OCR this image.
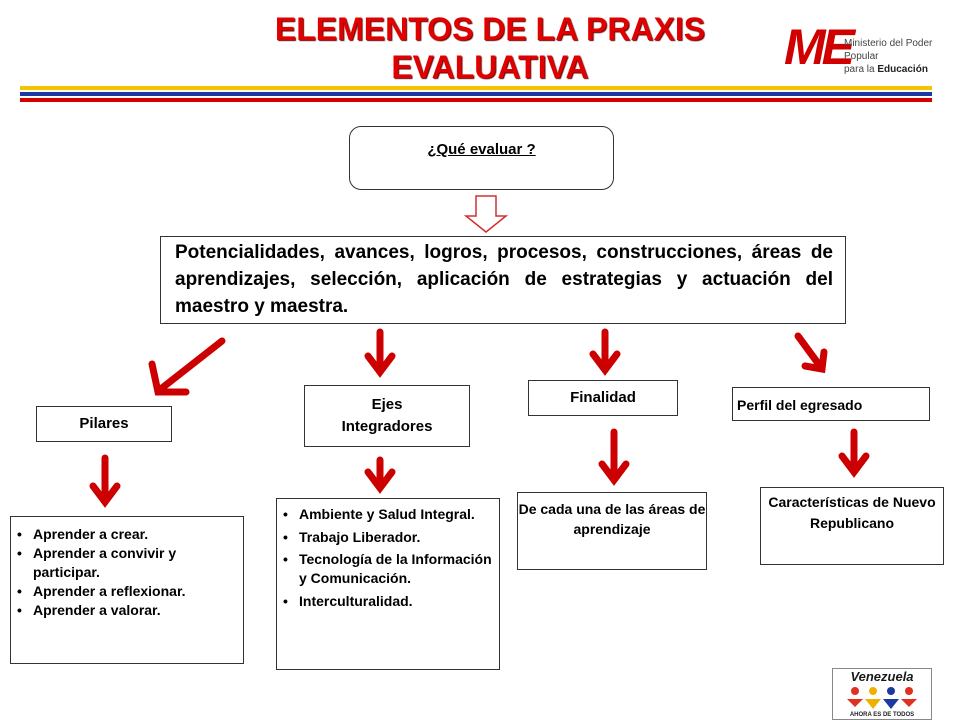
ELEMENTOS DE LA PRAXIS
EVALUATIVA	ME
Ministerio del Poder Popular
para la Educación
¿Qué evaluar ?

Potencialidades, avances, logros, procesos, construcciones, áreas de aprendizajes, selección, aplicación de estrategias y actuación del maestro y maestra.

Pilares
Ejes
Integradores
Finalidad	Perfil del egresado
De cada una de las áreas de aprendizaje
Características de Nuevo Republicano
• Aprender a crear.
• Aprender a convivir y participar.
• Aprender a reflexionar.
• Aprender a valorar.
• Ambiente y Salud Integral.
• Trabajo Liberador.
• Tecnología de la Información y Comunicación.
• Interculturalidad.
Venezuela
AHORA ES DE TODOS
